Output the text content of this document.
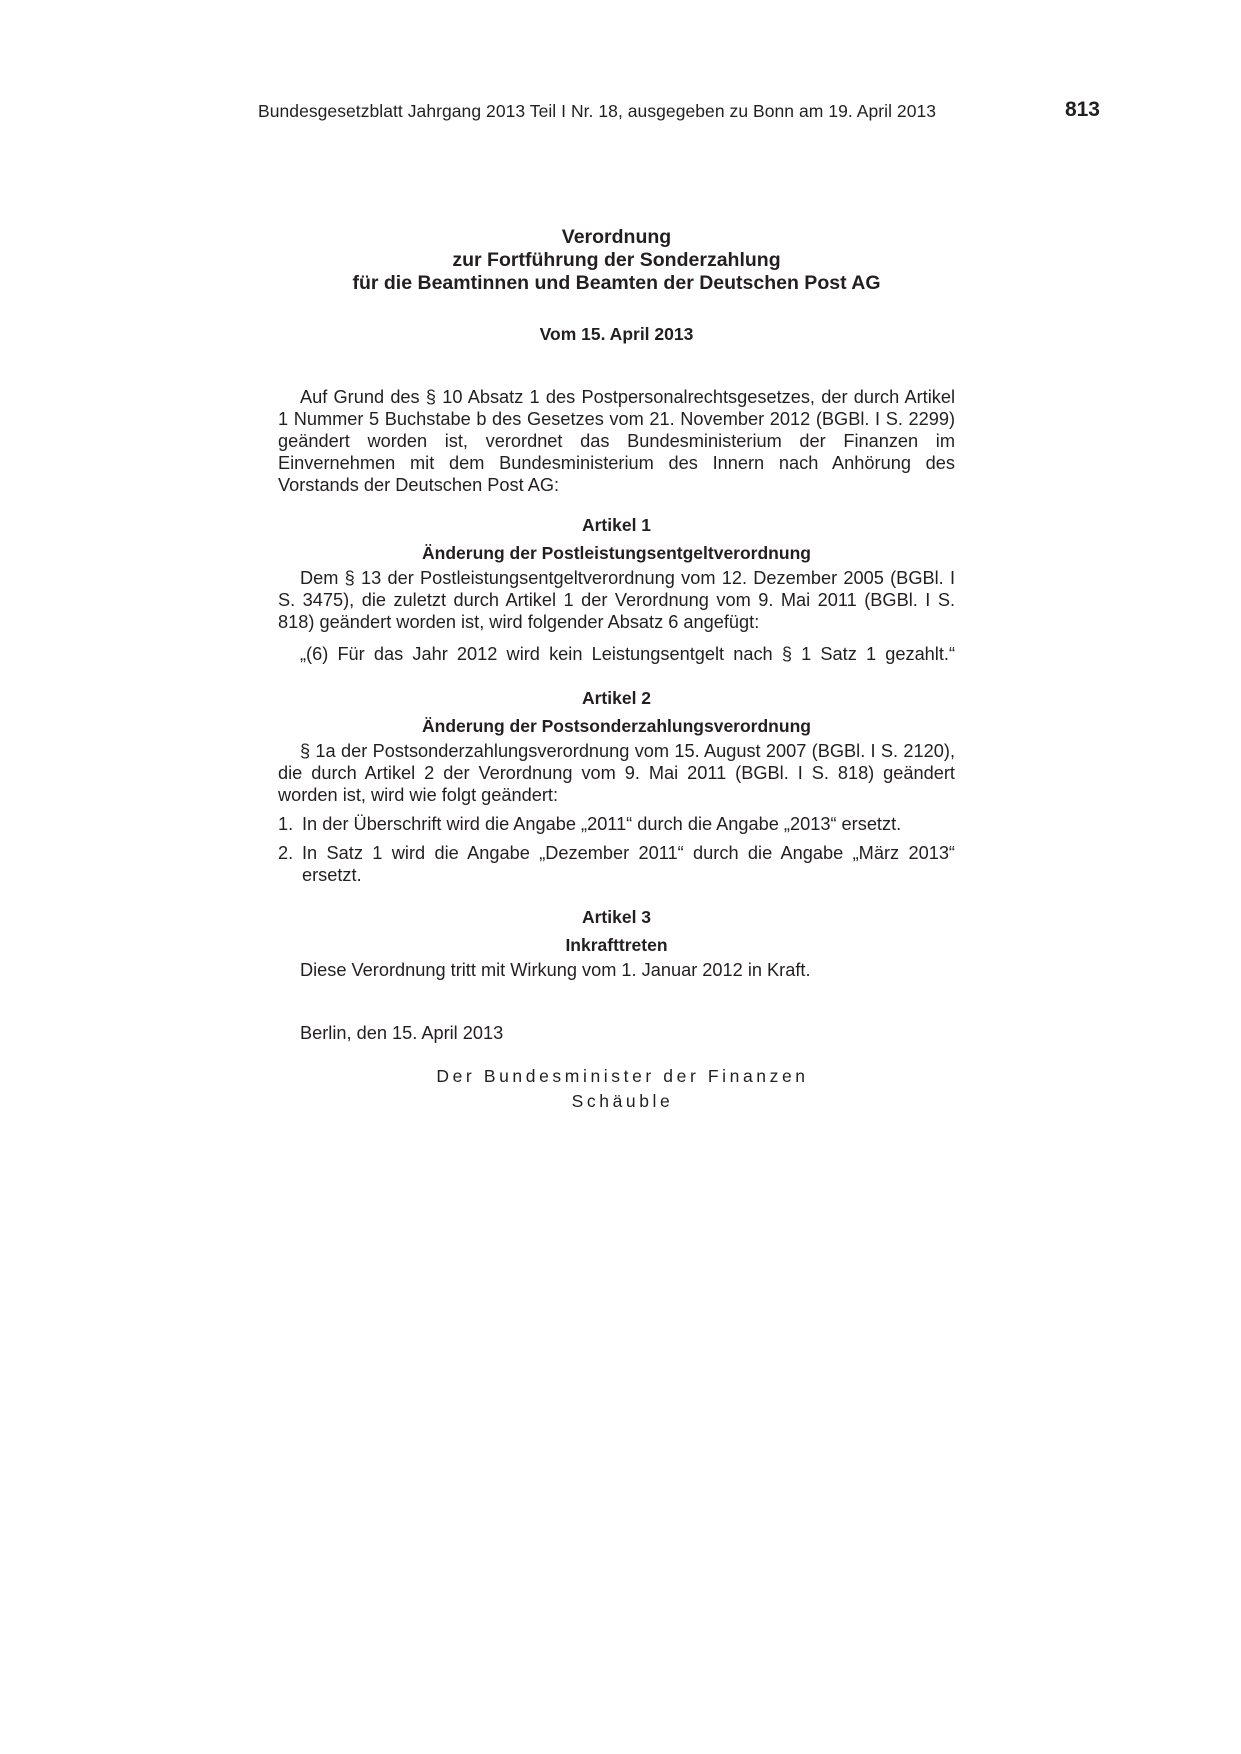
Bundesgesetzblatt Jahrgang 2013 Teil I Nr. 18, ausgegeben zu Bonn am 19. April 2013	813
Verordnung
zur Fortführung der Sonderzahlung
für die Beamtinnen und Beamten der Deutschen Post AG
Vom 15. April 2013

Auf Grund des § 10 Absatz 1 des Postpersonalrechtsgesetzes, der durch Artikel 1 Nummer 5 Buchstabe b des Gesetzes vom 21. November 2012 (BGBl. I S. 2299) geändert worden ist, verordnet das Bundesministerium der Finanzen im Einvernehmen mit dem Bundesministerium des Innern nach Anhörung des Vorstands der Deutschen Post AG:

Artikel 1
Änderung der Postleistungsentgeltverordnung

Dem § 13 der Postleistungsentgeltverordnung vom 12. Dezember 2005 (BGBl. I S. 3475), die zuletzt durch Artikel 1 der Verordnung vom 9. Mai 2011 (BGBl. I S. 818) geändert worden ist, wird folgender Absatz 6 angefügt:

„(6) Für das Jahr 2012 wird kein Leistungsentgelt nach § 1 Satz 1 gezahlt.“
Artikel 2
Änderung der Postsonderzahlungsverordnung

§ 1a der Postsonderzahlungsverordnung vom 15. August 2007 (BGBl. I S. 2120), die durch Artikel 2 der Verordnung vom 9. Mai 2011 (BGBl. I S. 818) geändert worden ist, wird wie folgt geändert:

1. In der Überschrift wird die Angabe „2011“ durch die Angabe „2013“ ersetzt.
2. In Satz 1 wird die Angabe „Dezember 2011“ durch die Angabe „März 2013“ ersetzt.
Artikel 3
Inkrafttreten

Diese Verordnung tritt mit Wirkung vom 1. Januar 2012 in Kraft.

Berlin, den 15. April 2013
Der Bundesminister der Finanzen
Schäuble
